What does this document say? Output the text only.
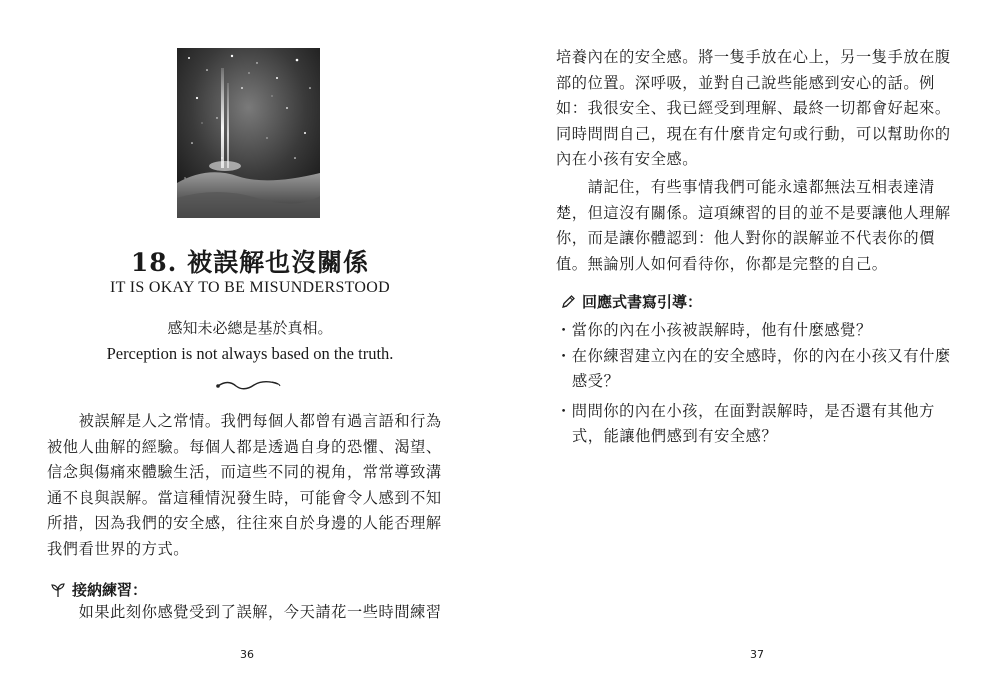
18. 被誤解也沒關係
IT IS OKAY TO BE MISUNDERSTOOD
感知未必總是基於真相。
Perception is not always based on the truth.
　　被誤解是人之常情。我們每個人都曾有過言語和行為
被他人曲解的經驗。每個人都是透過自身的恐懼、渴望、
信念與傷痛來體驗生活，而這些不同的視角，常常導致溝
通不良與誤解。當這種情況發生時，可能會令人感到不知
所措，因為我們的安全感，往往來自於身邊的人能否理解
我們看世界的方式。
接納練習：
　　如果此刻你感覺受到了誤解，今天請花一些時間練習
36
培養內在的安全感。將一隻手放在心上，另一隻手放在腹
部的位置。深呼吸，並對自己說些能感到安心的話。例
如：我很安全、我已經受到理解、最終一切都會好起來。
同時問問自己，現在有什麼肯定句或行動，可以幫助你的
內在小孩有安全感。
　　請記住，有些事情我們可能永遠都無法互相表達清
楚，但這沒有關係。這項練習的目的並不是要讓他人理解
你，而是讓你體認到：他人對你的誤解並不代表你的價
值。無論別人如何看待你，你都是完整的自己。
回應式書寫引導：
・當你的內在小孩被誤解時，他有什麼感覺？
・在你練習建立內在的安全感時，你的內在小孩又有什麼
感受？
・問問你的內在小孩，在面對誤解時，是否還有其他方
式，能讓他們感到有安全感？
37
